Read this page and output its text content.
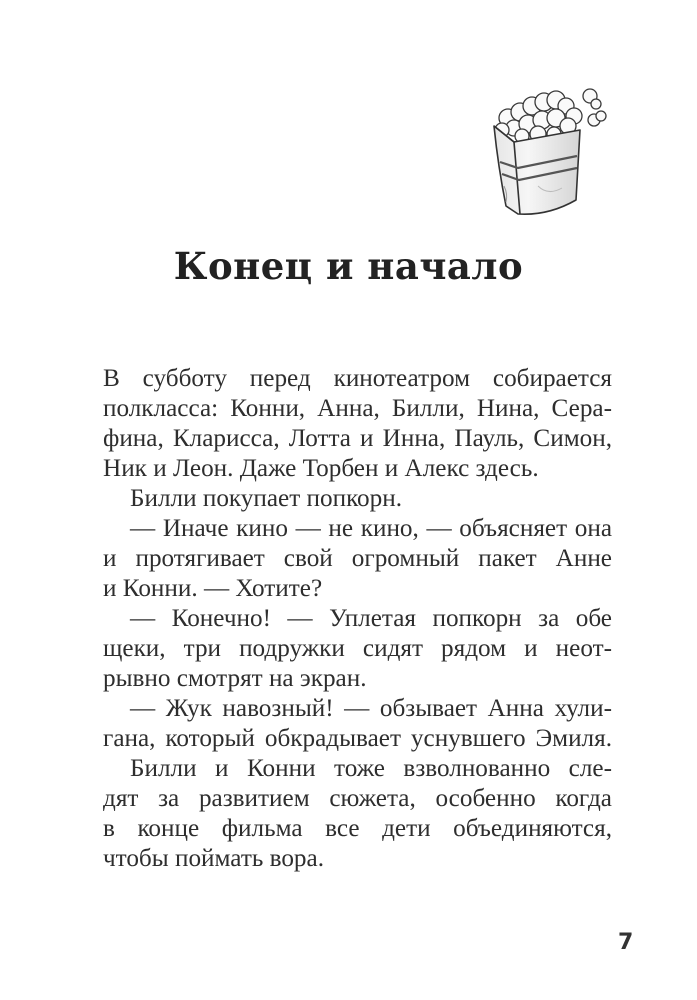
Конец и начало
В субботу перед кинотеатром собирается
полкласса: Конни, Анна, Билли, Нина, Сера-
фина, Кларисса, Лотта и Инна, Пауль, Симон,
Ник и Леон. Даже Торбен и Алекс здесь.
Билли покупает попкорн.
— Иначе кино — не кино, — объясняет она
и протягивает свой огромный пакет Анне
и Конни. — Хотите?
— Конечно! — Уплетая попкорн за обе
щеки, три подружки сидят рядом и неот-
рывно смотрят на экран.
— Жук навозный! — обзывает Анна хули-
гана, который обкрадывает уснувшего Эмиля.
Билли и Конни тоже взволнованно сле-
дят за развитием сюжета, особенно когда
в конце фильма все дети объединяются,
чтобы поймать вора.
7
